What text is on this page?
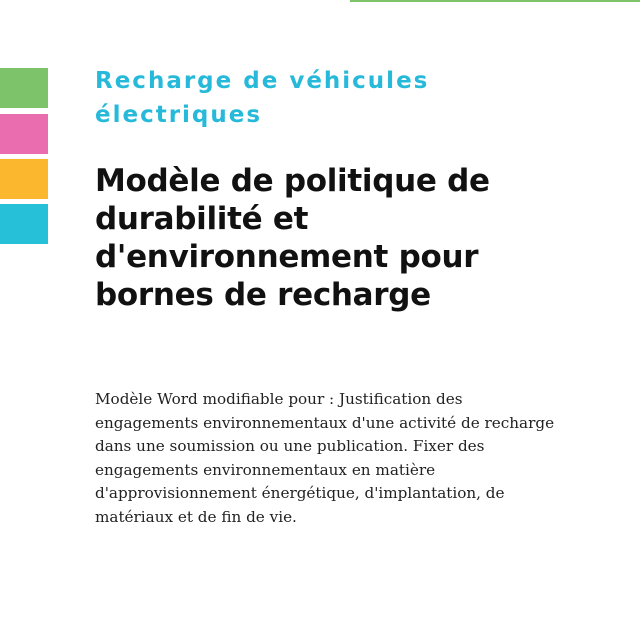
Recharge de véhicules électriques

Modèle de politique de durabilité et d'environnement pour bornes de recharge

Modèle Word modifiable pour : Justification des engagements environnementaux d'une activité de recharge dans une soumission ou une publication. Fixer des engagements environnementaux en matière d'approvisionnement énergétique, d'implantation, de matériaux et de fin de vie.
